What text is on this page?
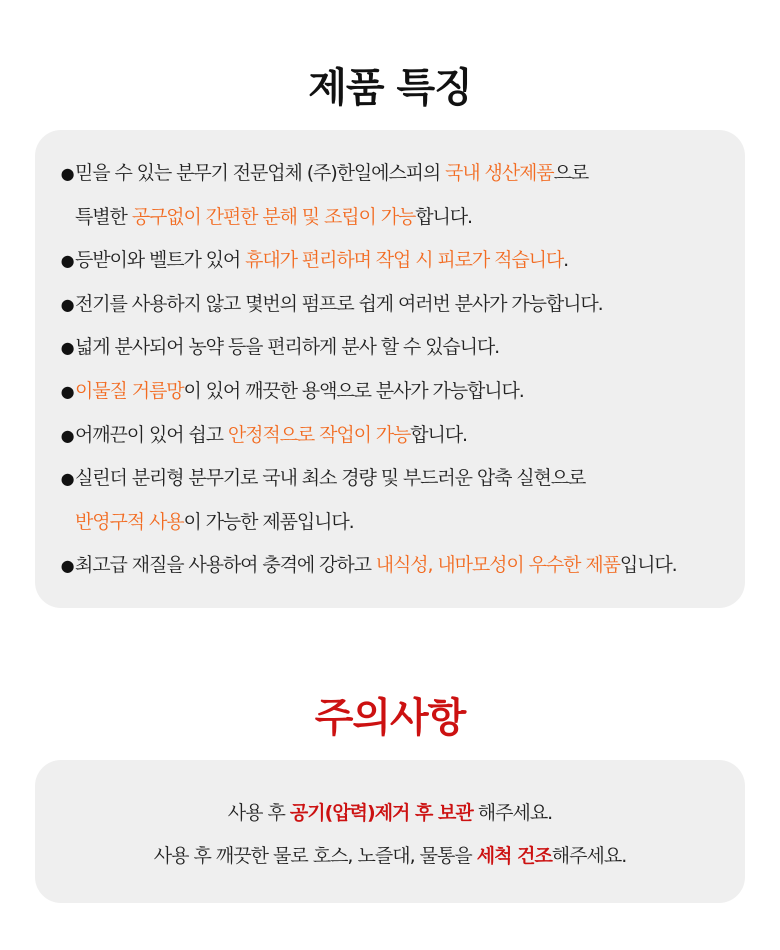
제품 특징
● 믿을 수 있는 분무기 전문업체 (주)한일에스피의 국내 생산제품으로
특별한 공구없이 간편한 분해 및 조립이 가능합니다.
● 등받이와 벨트가 있어 휴대가 편리하며 작업 시 피로가 적습니다.
● 전기를 사용하지 않고 몇번의 펌프로 쉽게 여러번 분사가 가능합니다.
● 넓게 분사되어 농약 등을 편리하게 분사 할 수 있습니다.
● 이물질 거름망이 있어 깨끗한 용액으로 분사가 가능합니다.
● 어깨끈이 있어 쉽고 안정적으로 작업이 가능합니다.
● 실린더 분리형 분무기로 국내 최소 경량 및 부드러운 압축 실현으로
반영구적 사용이 가능한 제품입니다.
● 최고급 재질을 사용하여 충격에 강하고 내식성, 내마모성이 우수한 제품입니다.
주의사항
사용 후 공기(압력)제거 후 보관 해주세요.
사용 후 깨끗한 물로 호스, 노즐대, 물통을 세척 건조해주세요.
